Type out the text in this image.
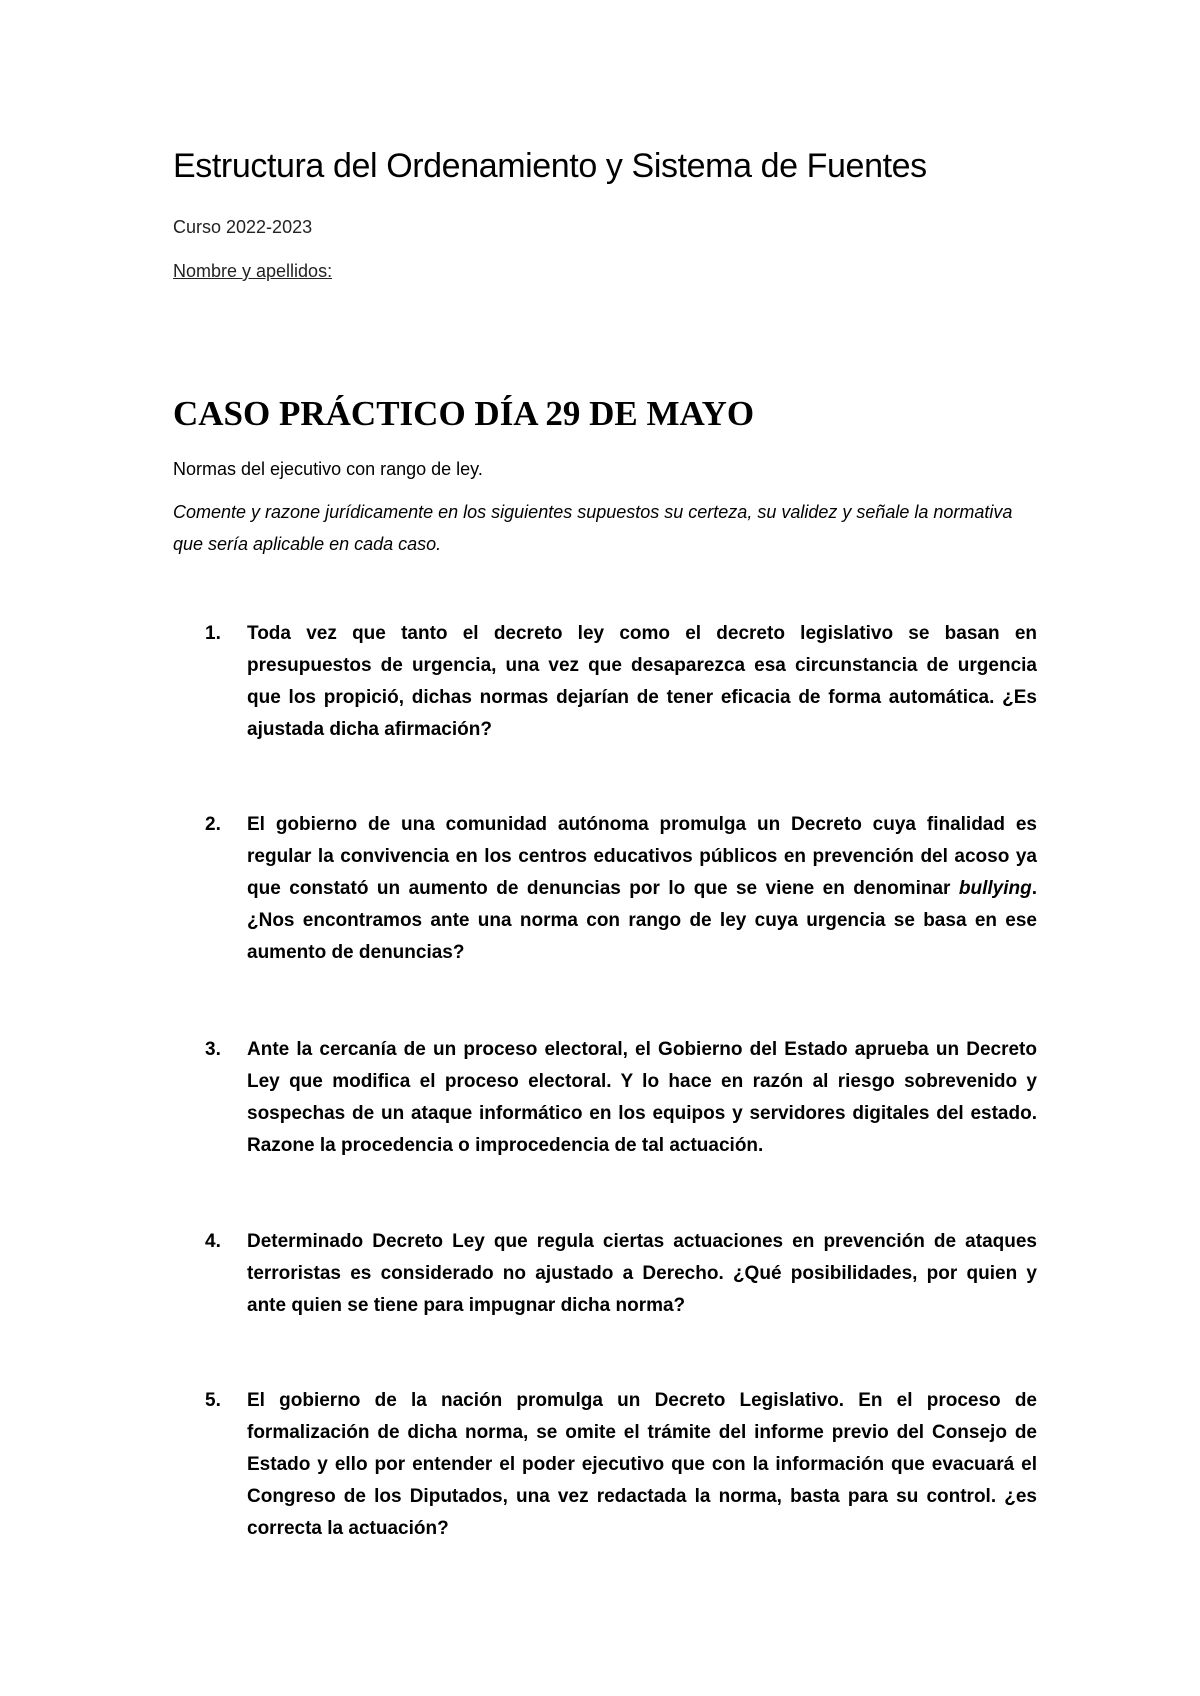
Estructura del Ordenamiento y Sistema de Fuentes
Curso 2022-2023
Nombre y apellidos:
CASO PRÁCTICO DÍA 29 DE MAYO
Normas del ejecutivo con rango de ley.

Comente y razone jurídicamente en los siguientes supuestos su certeza, su validez y señale la normativa que sería aplicable en cada caso.

1. Toda vez que tanto el decreto ley como el decreto legislativo se basan en presupuestos de urgencia, una vez que desaparezca esa circunstancia de urgencia que los propició, dichas normas dejarían de tener eficacia de forma automática. ¿Es ajustada dicha afirmación?

2. El gobierno de una comunidad autónoma promulga un Decreto cuya finalidad es regular la convivencia en los centros educativos públicos en prevención del acoso ya que constató un aumento de denuncias por lo que se viene en denominar bullying. ¿Nos encontramos ante una norma con rango de ley cuya urgencia se basa en ese aumento de denuncias?

3. Ante la cercanía de un proceso electoral, el Gobierno del Estado aprueba un Decreto Ley que modifica el proceso electoral. Y lo hace en razón al riesgo sobrevenido y sospechas de un ataque informático en los equipos y servidores digitales del estado. Razone la procedencia o improcedencia de tal actuación.

4. Determinado Decreto Ley que regula ciertas actuaciones en prevención de ataques terroristas es considerado no ajustado a Derecho. ¿Qué posibilidades, por quien y ante quien se tiene para impugnar dicha norma?

5. El gobierno de la nación promulga un Decreto Legislativo. En el proceso de formalización de dicha norma, se omite el trámite del informe previo del Consejo de Estado y ello por entender el poder ejecutivo que con la información que evacuará el Congreso de los Diputados, una vez redactada la norma, basta para su control. ¿es correcta la actuación?
